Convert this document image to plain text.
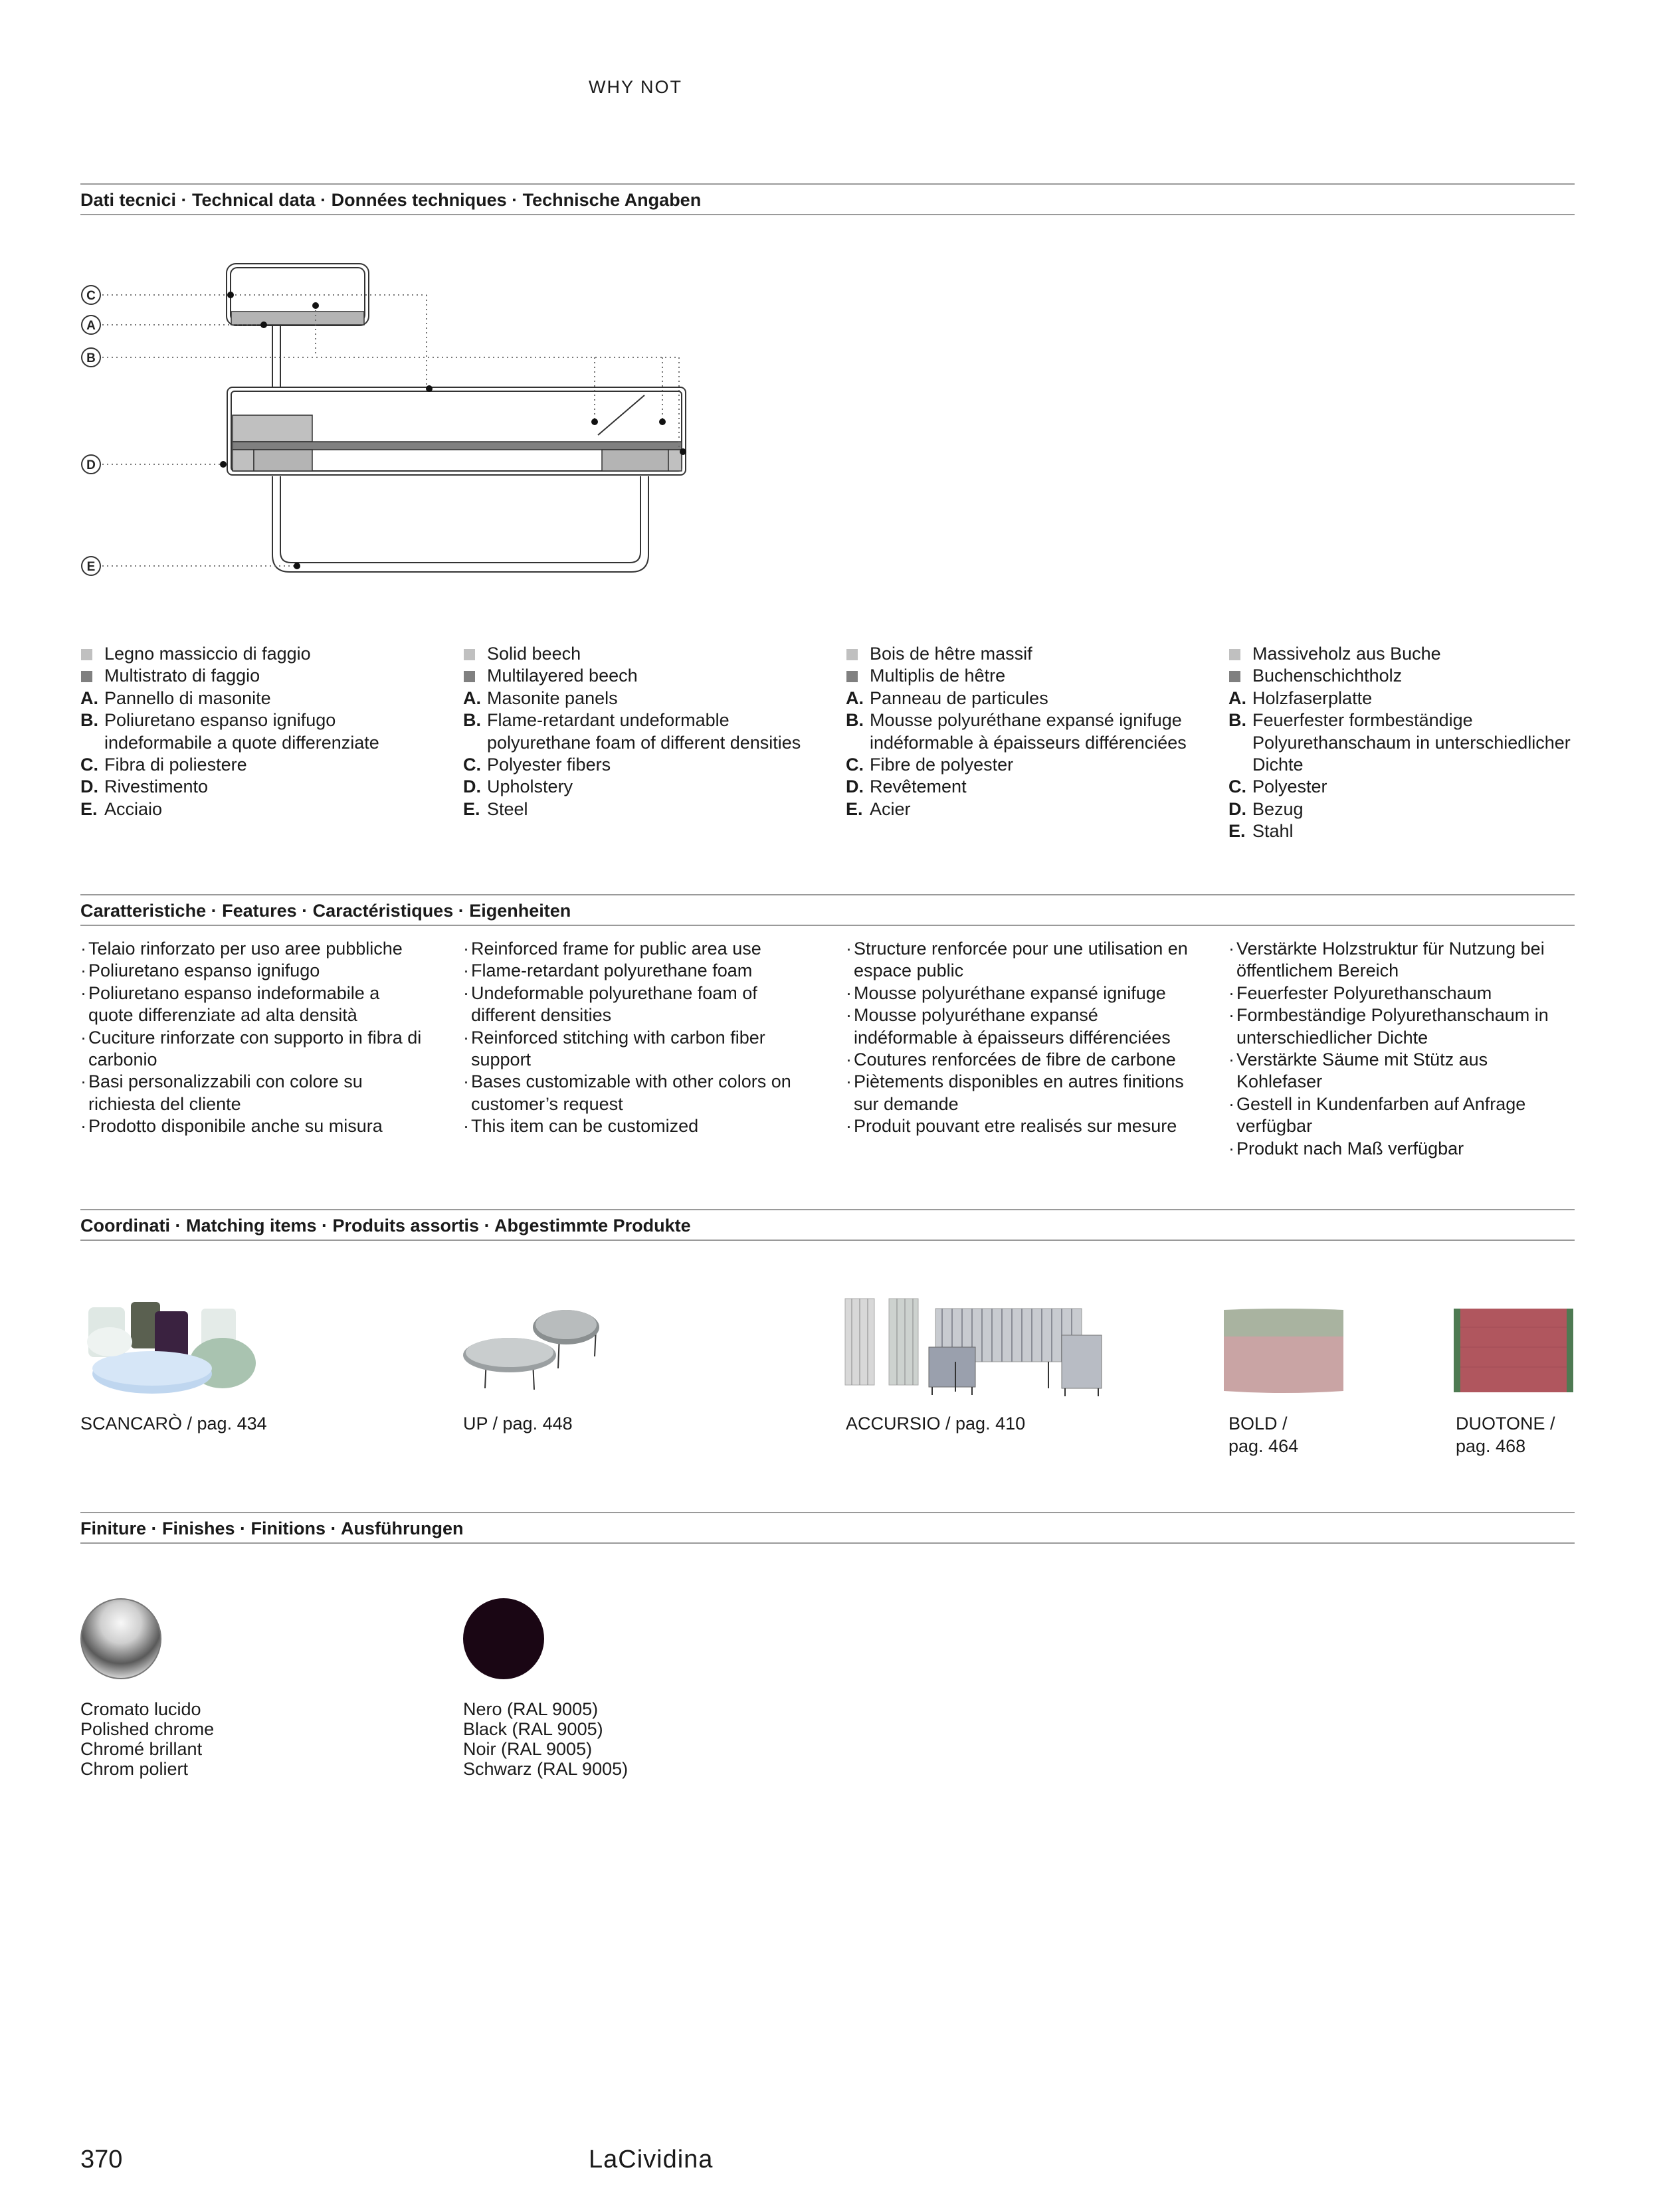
WHY NOT
Dati tecnici · Technical data · Données techniques · Technische Angaben
C
A
B
D
E
Legno massiccio di faggio
Multistrato di faggio
A. Pannello di masonite
B. Poliuretano espanso ignifugo indeformabile a quote differenziate
C. Fibra di poliestere
D. Rivestimento
E. Acciaio
Solid beech
Multilayered beech
A. Masonite panels
B. Flame-retardant undeformable polyurethane foam of different densities
C. Polyester fibers
D. Upholstery
E. Steel
Bois de hêtre massif
Multiplis de hêtre
A. Panneau de particules
B. Mousse polyuréthane expansé ignifuge indéformable à épaisseurs différenciées
C. Fibre de polyester
D. Revêtement
E. Acier
Massiveholz aus Buche
Buchenschichtholz
A. Holzfaserplatte
B. Feuerfester formbeständige Polyurethanschaum in unterschiedlicher Dichte
C. Polyester
D. Bezug
E. Stahl
Caratteristiche · Features · Caractéristiques · Eigenheiten
· Telaio rinforzato per uso aree pubbliche
· Poliuretano espanso ignifugo
· Poliuretano espanso indeformabile a quote differenziate ad alta densità
· Cuciture rinforzate con supporto in fibra di carbonio
· Basi personalizzabili con colore su richiesta del cliente
· Prodotto disponibile anche su misura
· Reinforced frame for public area use
· Flame-retardant polyurethane foam
· Undeformable polyurethane foam of different densities
· Reinforced stitching with carbon fiber support
· Bases customizable with other colors on customer’s request
· This item can be customized
· Structure renforcée pour une utilisation en espace public
· Mousse polyuréthane expansé ignifuge
· Mousse polyuréthane expansé indéformable à épaisseurs différenciées
· Coutures renforcées de fibre de carbone
· Piètements disponibles en autres finitions sur demande
· Produit pouvant etre realisés sur mesure
· Verstärkte Holzstruktur für Nutzung bei öffentlichem Bereich
· Feuerfester Polyurethanschaum
· Formbeständige Polyurethanschaum in unterschiedlicher Dichte
· Verstärkte Säume mit Stütz aus Kohlefaser
· Gestell in Kundenfarben auf Anfrage verfügbar
· Produkt nach Maß verfügbar
Coordinati · Matching items · Produits assortis · Abgestimmte Produkte
SCANCARÒ / pag. 434	UP / pag. 448	ACCURSIO / pag. 410	BOLD /
pag. 464
DUOTONE /
pag. 468
Finiture · Finishes · Finitions · Ausführungen
Cromato lucido
Polished chrome
Chromé brillant
Chrom poliert
Nero (RAL 9005)
Black (RAL 9005)
Noir (RAL 9005)
Schwarz (RAL 9005)
370	LaCividina
